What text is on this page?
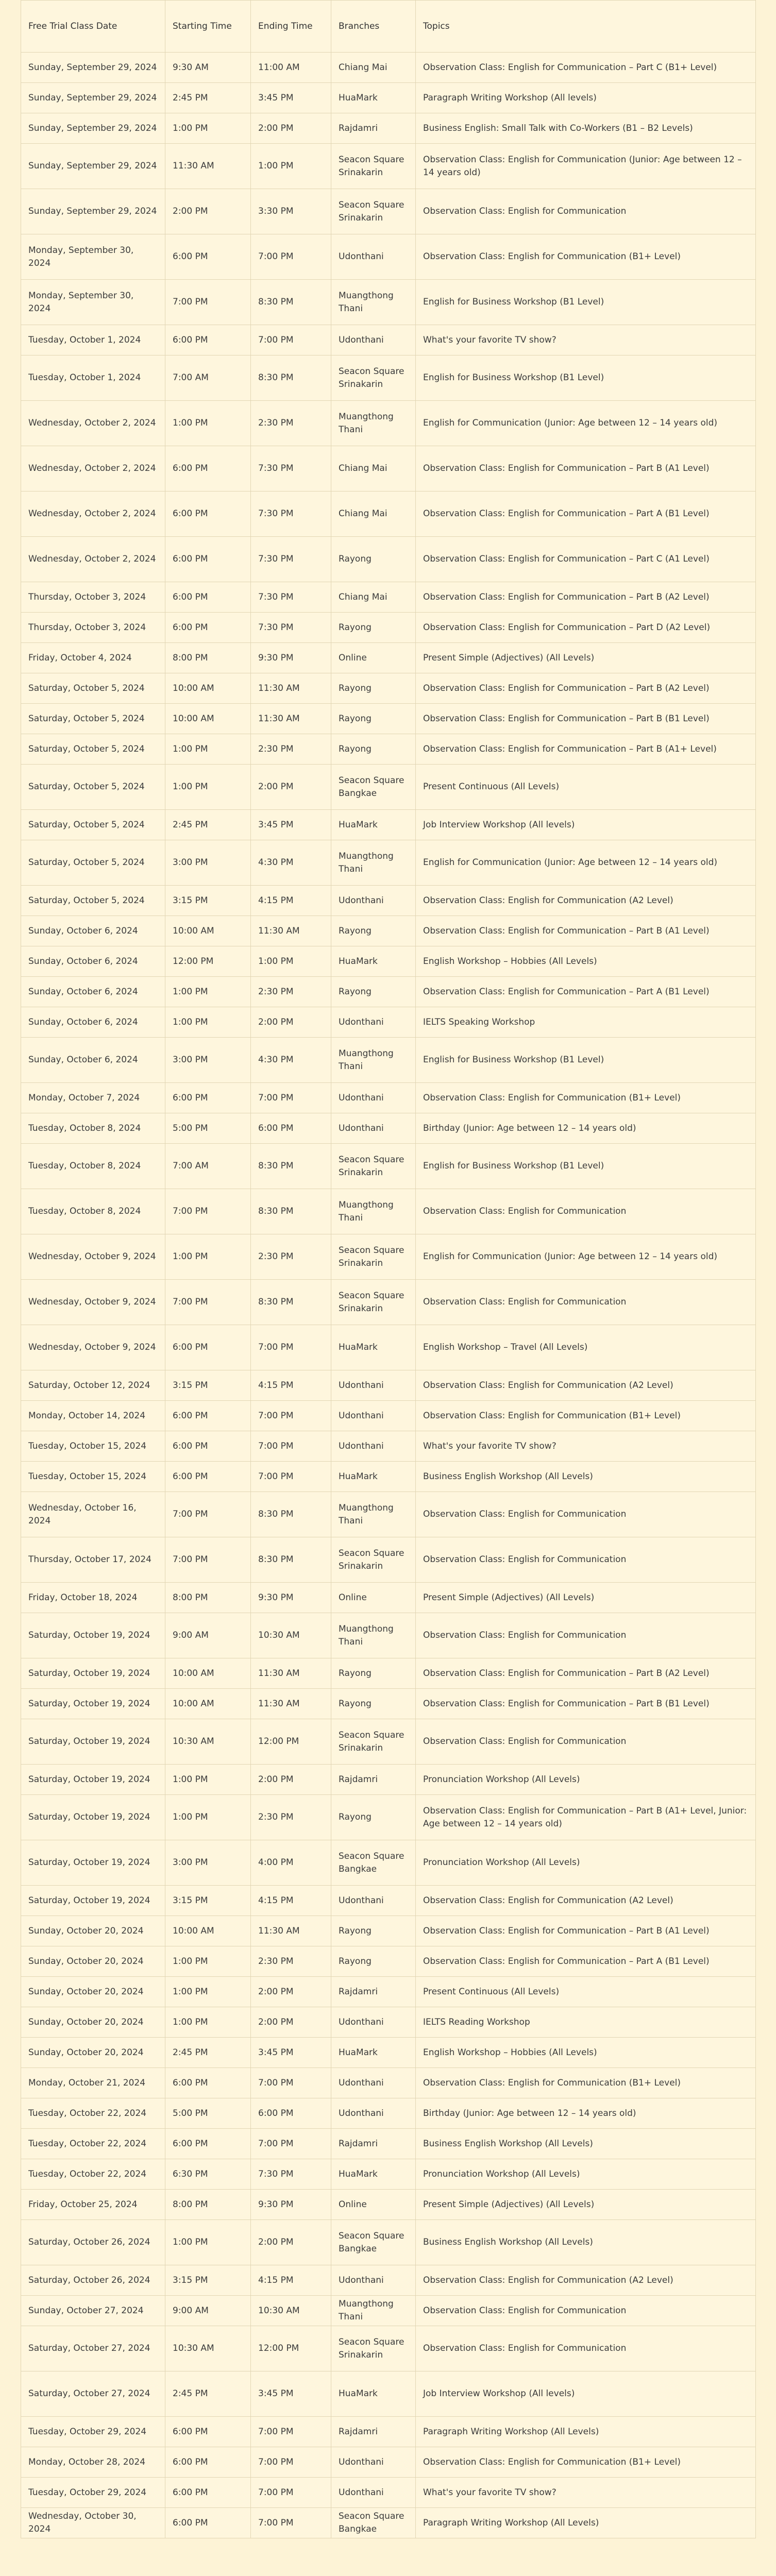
Free Trial Class Date	Starting Time	Ending Time	Branches	Topics
Sunday, September 29, 2024	9:30 AM	11:00 AM	Chiang Mai	Observation Class: English for Communication – Part C (B1+ Level)
Sunday, September 29, 2024	2:45 PM	3:45 PM	HuaMark	Paragraph Writing Workshop (All levels)
Sunday, September 29, 2024	1:00 PM	2:00 PM	Rajdamri	Business English: Small Talk with Co-Workers (B1 – B2 Levels)
Sunday, September 29, 2024	11:30 AM	1:00 PM	Seacon Square Srinakarin	Observation Class: English for Communication (Junior: Age between 12 – 14 years old)
Sunday, September 29, 2024	2:00 PM	3:30 PM	Seacon Square Srinakarin	Observation Class: English for Communication
Monday, September 30, 2024	6:00 PM	7:00 PM	Udonthani	Observation Class: English for Communication (B1+ Level)
Monday, September 30, 2024	7:00 PM	8:30 PM	Muangthong Thani	English for Business Workshop (B1 Level)
Tuesday, October 1, 2024	6:00 PM	7:00 PM	Udonthani	What's your favorite TV show?
Tuesday, October 1, 2024	7:00 AM	8:30 PM	Seacon Square Srinakarin	English for Business Workshop (B1 Level)
Wednesday, October 2, 2024	1:00 PM	2:30 PM	Muangthong Thani	English for Communication (Junior: Age between 12 – 14 years old)
Wednesday, October 2, 2024	6:00 PM	7:30 PM	Chiang Mai	Observation Class: English for Communication – Part B (A1 Level)
Wednesday, October 2, 2024	6:00 PM	7:30 PM	Chiang Mai	Observation Class: English for Communication – Part A (B1 Level)
Wednesday, October 2, 2024	6:00 PM	7:30 PM	Rayong	Observation Class: English for Communication – Part C (A1 Level)
Thursday, October 3, 2024	6:00 PM	7:30 PM	Chiang Mai	Observation Class: English for Communication – Part B (A2 Level)
Thursday, October 3, 2024	6:00 PM	7:30 PM	Rayong	Observation Class: English for Communication – Part D (A2 Level)
Friday, October 4, 2024	8:00 PM	9:30 PM	Online	Present Simple (Adjectives) (All Levels)
Saturday, October 5, 2024	10:00 AM	11:30 AM	Rayong	Observation Class: English for Communication – Part B (A2 Level)
Saturday, October 5, 2024	10:00 AM	11:30 AM	Rayong	Observation Class: English for Communication – Part B (B1 Level)
Saturday, October 5, 2024	1:00 PM	2:30 PM	Rayong	Observation Class: English for Communication – Part B (A1+ Level)
Saturday, October 5, 2024	1:00 PM	2:00 PM	Seacon Square Bangkae	Present Continuous (All Levels)
Saturday, October 5, 2024	2:45 PM	3:45 PM	HuaMark	Job Interview Workshop (All levels)
Saturday, October 5, 2024	3:00 PM	4:30 PM	Muangthong Thani	English for Communication (Junior: Age between 12 – 14 years old)
Saturday, October 5, 2024	3:15 PM	4:15 PM	Udonthani	Observation Class: English for Communication (A2 Level)
Sunday, October 6, 2024	10:00 AM	11:30 AM	Rayong	Observation Class: English for Communication – Part B (A1 Level)
Sunday, October 6, 2024	12:00 PM	1:00 PM	HuaMark	English Workshop – Hobbies (All Levels)
Sunday, October 6, 2024	1:00 PM	2:30 PM	Rayong	Observation Class: English for Communication – Part A (B1 Level)
Sunday, October 6, 2024	1:00 PM	2:00 PM	Udonthani	IELTS Speaking Workshop
Sunday, October 6, 2024	3:00 PM	4:30 PM	Muangthong Thani	English for Business Workshop (B1 Level)
Monday, October 7, 2024	6:00 PM	7:00 PM	Udonthani	Observation Class: English for Communication (B1+ Level)
Tuesday, October 8, 2024	5:00 PM	6:00 PM	Udonthani	Birthday (Junior: Age between 12 – 14 years old)
Tuesday, October 8, 2024	7:00 AM	8:30 PM	Seacon Square Srinakarin	English for Business Workshop (B1 Level)
Tuesday, October 8, 2024	7:00 PM	8:30 PM	Muangthong Thani	Observation Class: English for Communication
Wednesday, October 9, 2024	1:00 PM	2:30 PM	Seacon Square Srinakarin	English for Communication (Junior: Age between 12 – 14 years old)
Wednesday, October 9, 2024	7:00 PM	8:30 PM	Seacon Square Srinakarin	Observation Class: English for Communication
Wednesday, October 9, 2024	6:00 PM	7:00 PM	HuaMark	English Workshop – Travel (All Levels)
Saturday, October 12, 2024	3:15 PM	4:15 PM	Udonthani	Observation Class: English for Communication (A2 Level)
Monday, October 14, 2024	6:00 PM	7:00 PM	Udonthani	Observation Class: English for Communication (B1+ Level)
Tuesday, October 15, 2024	6:00 PM	7:00 PM	Udonthani	What's your favorite TV show?
Tuesday, October 15, 2024	6:00 PM	7:00 PM	HuaMark	Business English Workshop (All Levels)
Wednesday, October 16, 2024	7:00 PM	8:30 PM	Muangthong Thani	Observation Class: English for Communication
Thursday, October 17, 2024	7:00 PM	8:30 PM	Seacon Square Srinakarin	Observation Class: English for Communication
Friday, October 18, 2024	8:00 PM	9:30 PM	Online	Present Simple (Adjectives) (All Levels)
Saturday, October 19, 2024	9:00 AM	10:30 AM	Muangthong Thani	Observation Class: English for Communication
Saturday, October 19, 2024	10:00 AM	11:30 AM	Rayong	Observation Class: English for Communication – Part B (A2 Level)
Saturday, October 19, 2024	10:00 AM	11:30 AM	Rayong	Observation Class: English for Communication – Part B (B1 Level)
Saturday, October 19, 2024	10:30 AM	12:00 PM	Seacon Square Srinakarin	Observation Class: English for Communication
Saturday, October 19, 2024	1:00 PM	2:00 PM	Rajdamri	Pronunciation Workshop (All Levels)
Saturday, October 19, 2024	1:00 PM	2:30 PM	Rayong	Observation Class: English for Communication – Part B (A1+ Level, Junior: Age between 12 – 14 years old)
Saturday, October 19, 2024	3:00 PM	4:00 PM	Seacon Square Bangkae	Pronunciation Workshop (All Levels)
Saturday, October 19, 2024	3:15 PM	4:15 PM	Udonthani	Observation Class: English for Communication (A2 Level)
Sunday, October 20, 2024	10:00 AM	11:30 AM	Rayong	Observation Class: English for Communication – Part B (A1 Level)
Sunday, October 20, 2024	1:00 PM	2:30 PM	Rayong	Observation Class: English for Communication – Part A (B1 Level)
Sunday, October 20, 2024	1:00 PM	2:00 PM	Rajdamri	Present Continuous (All Levels)
Sunday, October 20, 2024	1:00 PM	2:00 PM	Udonthani	IELTS Reading Workshop
Sunday, October 20, 2024	2:45 PM	3:45 PM	HuaMark	English Workshop – Hobbies (All Levels)
Monday, October 21, 2024	6:00 PM	7:00 PM	Udonthani	Observation Class: English for Communication (B1+ Level)
Tuesday, October 22, 2024	5:00 PM	6:00 PM	Udonthani	Birthday (Junior: Age between 12 – 14 years old)
Tuesday, October 22, 2024	6:00 PM	7:00 PM	Rajdamri	Business English Workshop (All Levels)
Tuesday, October 22, 2024	6:30 PM	7:30 PM	HuaMark	Pronunciation Workshop (All Levels)
Friday, October 25, 2024	8:00 PM	9:30 PM	Online	Present Simple (Adjectives) (All Levels)
Saturday, October 26, 2024	1:00 PM	2:00 PM	Seacon Square Bangkae	Business English Workshop (All Levels)
Saturday, October 26, 2024	3:15 PM	4:15 PM	Udonthani	Observation Class: English for Communication (A2 Level)
Sunday, October 27, 2024	9:00 AM	10:30 AM	Muangthong Thani	Observation Class: English for Communication
Saturday, October 27, 2024	10:30 AM	12:00 PM	Seacon Square Srinakarin	Observation Class: English for Communication
Saturday, October 27, 2024	2:45 PM	3:45 PM	HuaMark	Job Interview Workshop (All levels)
Tuesday, October 29, 2024	6:00 PM	7:00 PM	Rajdamri	Paragraph Writing Workshop (All Levels)
Monday, October 28, 2024	6:00 PM	7:00 PM	Udonthani	Observation Class: English for Communication (B1+ Level)
Tuesday, October 29, 2024	6:00 PM	7:00 PM	Udonthani	What's your favorite TV show?
Wednesday, October 30, 2024	6:00 PM	7:00 PM	Seacon Square Bangkae	Paragraph Writing Workshop (All Levels)
